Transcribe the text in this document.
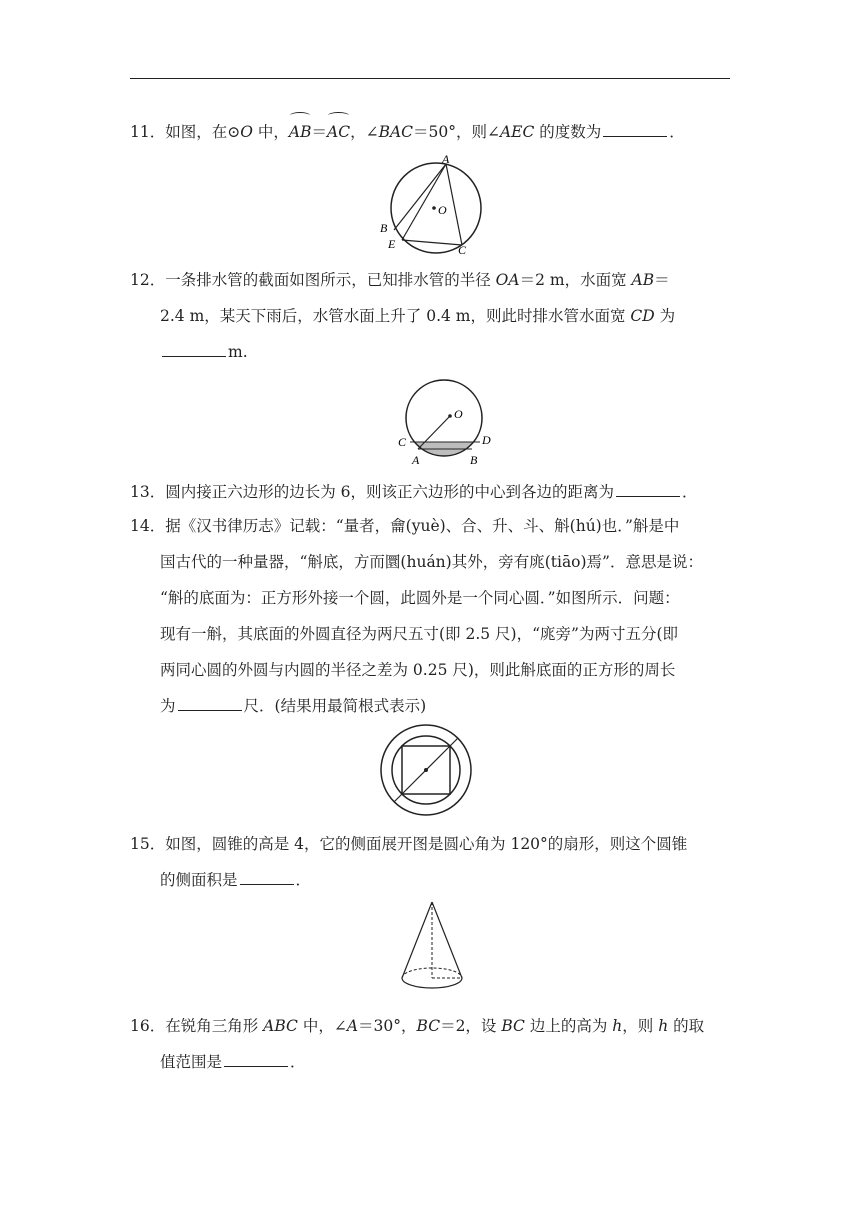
11．如图，在⊙O 中，AB＝AC，∠BAC＝50°，则∠AEC 的度数为	．
A
B
E	C
O
12．一条排水管的截面如图所示，已知排水管的半径 OA＝2 m，水面宽 AB＝
2.4 m，某天下雨后，水管水面上升了 0.4 m，则此时排水管水面宽 CD 为
m.
O
C	D
A	B
13．圆内接正六边形的边长为 6，则该正六边形的中心到各边的距离为	．
14．据《汉书律历志》记载：“量者，龠(yuè)、合、升、斗、斛(hú)也．”斛是中
国古代的一种量器，“斛底，方而圜(huán)其外，旁有庣(tiāo)焉”．意思是说：
“斛的底面为：正方形外接一个圆，此圆外是一个同心圆．”如图所示．问题：
现有一斛，其底面的外圆直径为两尺五寸(即 2.5 尺)，“庣旁”为两寸五分(即
两同心圆的外圆与内圆的半径之差为 0.25 尺)，则此斛底面的正方形的周长
为	尺．(结果用最简根式表示)
15．如图，圆锥的高是 4，它的侧面展开图是圆心角为 120°的扇形，则这个圆锥
的侧面积是	．
16．在锐角三角形 ABC 中，∠A＝30°，BC＝2，设 BC 边上的高为 h，则 h 的取
值范围是	．
